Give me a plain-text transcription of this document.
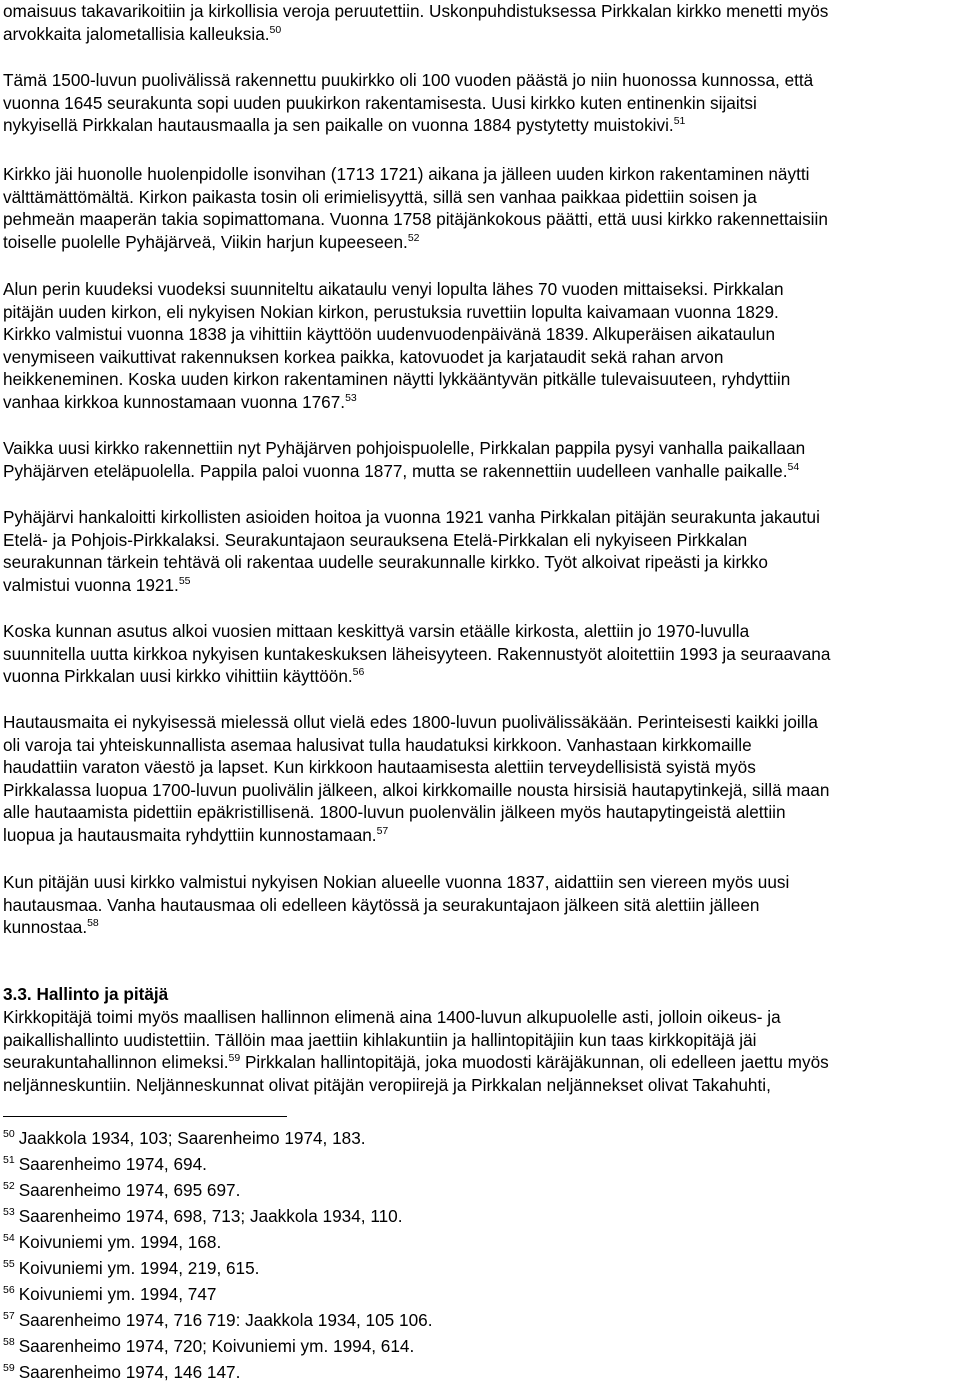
omaisuus takavarikoitiin ja kirkollisia veroja peruutettiin. Uskonpuhdistuksessa Pirkkalan kirkko menetti myös
arvokkaita jalometallisia kalleuksia.$^{50}$

Tämä 1500-luvun puolivälissä rakennettu puukirkko oli 100 vuoden päästä jo niin huonossa kunnossa, että
vuonna 1645 seurakunta sopi uuden puukirkon rakentamisesta. Uusi kirkko kuten entinenkin sijaitsi
nykyisellä Pirkkalan hautausmaalla ja sen paikalle on vuonna 1884 pystytetty muistokivi.$^{51}$

Kirkko jäi huonolle huolenpidolle isonvihan (1713 1721) aikana ja jälleen uuden kirkon rakentaminen näytti
välttämättömältä. Kirkon paikasta tosin oli erimielisyyttä, sillä sen vanhaa paikkaa pidettiin soisen ja
pehmeän maaperän takia sopimattomana. Vuonna 1758 pitäjänkokous päätti, että uusi kirkko rakennettaisiin
toiselle puolelle Pyhäjärveä, Viikin harjun kupeeseen.$^{52}$

Alun perin kuudeksi vuodeksi suunniteltu aikataulu venyi lopulta lähes 70 vuoden mittaiseksi. Pirkkalan
pitäjän uuden kirkon, eli nykyisen Nokian kirkon, perustuksia ruvettiin lopulta kaivamaan vuonna 1829.
Kirkko valmistui vuonna 1838 ja vihittiin käyttöön uudenvuodenpäivänä 1839. Alkuperäisen aikataulun
venymiseen vaikuttivat rakennuksen korkea paikka, katovuodet ja karjataudit sekä rahan arvon
heikkeneminen. Koska uuden kirkon rakentaminen näytti lykkääntyvän pitkälle tulevaisuuteen, ryhdyttiin
vanhaa kirkkoa kunnostamaan vuonna 1767.53

Vaikka uusi kirkko rakennettiin nyt Pyhäjärven pohjoispuolelle, Pirkkalan pappila pysyi vanhalla paikallaan
Pyhäjärven eteläpuolella. Pappila paloi vuonna 1877, mutta se rakennettiin uudelleen vanhalle paikalle.$^{54}$

Pyhäjärvi hankaloitti kirkollisten asioiden hoitoa ja vuonna 1921 vanha Pirkkalan pitäjän seurakunta jakautui
Etelä- ja Pohjois-Pirkkalaksi. Seurakuntajaon seurauksena Etelä-Pirkkalan eli nykyiseen Pirkkalan
seurakunnan tärkein tehtävä oli rakentaa uudelle seurakunnalle kirkko. Työt alkoivat ripeästi ja kirkko
valmistui vuonna 1921.55

Koska kunnan asutus alkoi vuosien mittaan keskittyä varsin etäälle kirkosta, alettiin jo 1970-luvulla
suunnitella uutta kirkkoa nykyisen kuntakeskuksen läheisyyteen. Rakennustyöt aloitettiin 1993 ja seuraavana
vuonna Pirkkalan uusi kirkko vihittiin käyttöön.$^{56}$

Hautausmaita ei nykyisessä mielessä ollut vielä edes 1800-luvun puolivälissäkään. Perinteisesti kaikki joilla
oli varoja tai yhteiskunnallista asemaa halusivat tulla haudatuksi kirkkoon. Vanhastaan kirkkomaille
haudattiin varaton väestö ja lapset. Kun kirkkoon hautaamisesta alettiin terveydellisistä syistä myös
Pirkkalassa luopua 1700-luvun puolivälin jälkeen, alkoi kirkkomaille nousta hirsisiä hautapytinkejä, sillä maan
alle hautaamista pidettiin epäkristillisenä. 1800-luvun puolenvälin jälkeen myös hautapytingeistä alettiin
luopua ja hautausmaita ryhdyttiin kunnostamaan.$^{57}$

Kun pitäjän uusi kirkko valmistui nykyisen Nokian alueelle vuonna 1837, aidattiin sen viereen myös uusi
hautausmaa. Vanha hautausmaa oli edelleen käytössä ja seurakuntajaon jälkeen sitä alettiin jälleen
kunnostaa.$^{58}$

3.3. Hallinto ja pitäjä

Kirkkopitäjä toimi myös maallisen hallinnon elimenä aina 1400-luvun alkupuolelle asti, jolloin oikeus- ja
paikallishallinto uudistettiin. Tällöin maa jaettiin kihlakuntiin ja hallintopitäjiin kun taas kirkkopitäjä jäi
seurakuntahallinnon elimeksi.$^{59}$ Pirkkalan hallintopitäjä, joka muodosti käräjäkunnan, oli edelleen jaettu myös
neljänneskuntiin. Neljänneskunnat olivat pitäjän veropiirejä ja Pirkkalan neljännekset olivat Takahuhti,

$^{50}$ Jaakkola 1934, 103; Saarenheimo 1974, 183.
$^{51}$ Saarenheimo 1974, 694.
$^{52}$ Saarenheimo 1974, 695 697.
$^{53}$ Saarenheimo 1974, 698, 713; Jaakkola 1934, 110.
$^{54}$ Koivuniemi ym. 1994, 168.
$^{55}$ Koivuniemi ym. 1994, 219, 615.
$^{56}$ Koivuniemi ym. 1994, 747
$^{57}$ Saarenheimo 1974, 716 719: Jaakkola 1934, 105 106.
$^{58}$ Saarenheimo 1974, 720; Koivuniemi ym. 1994, 614.
$^{59}$ Saarenheimo 1974, 146 147.
